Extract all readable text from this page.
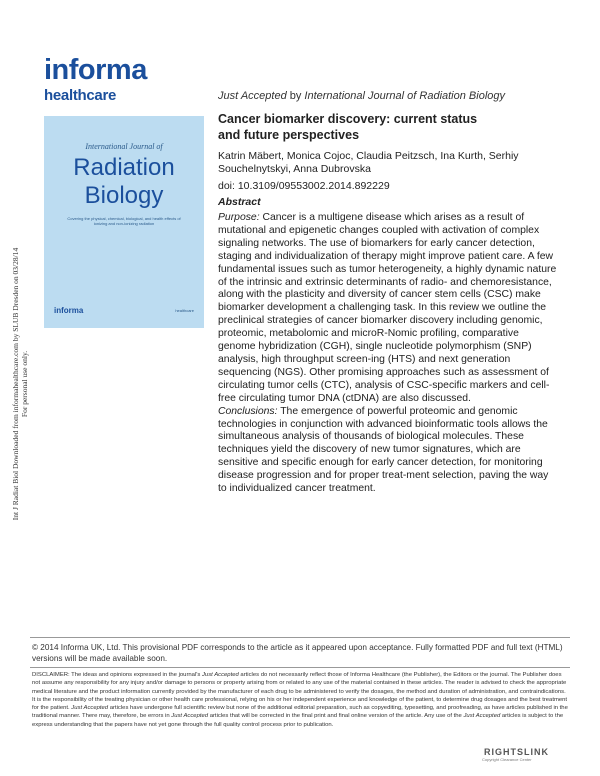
informa
healthcare
Int J Radiat Biol Downloaded from informahealthcare.com by SLUB Dresden on 03/28/14 For personal use only.
International Journal of
Radiation
Biology
Covering the physical, chemical, biological, and health effects of ionizing and non-ionizing radiation
informa	healthcare
Just Accepted by International Journal of Radiation Biology
Cancer biomarker discovery: current status
and future perspectives
Katrin Mäbert, Monica Cojoc, Claudia Peitzsch, Ina Kurth, Serhiy Souchelnytskyi, Anna Dubrovska
doi: 10.3109/09553002.2014.892229
Abstract

Purpose: Cancer is a multigene disease which arises as a result of mutational and epigenetic changes coupled with activation of complex signaling networks. The use of biomarkers for early cancer detection, staging and individualization of therapy might improve patient care. A few fundamental issues such as tumor heterogeneity, a highly dynamic nature of the intrinsic and extrinsic determinants of radio- and chemoresistance, along with the plasticity and diversity of cancer stem cells (CSC) make biomarker development a challenging task. In this review we outline the preclinical strategies of cancer biomarker discovery including genomic, proteomic, metabolomic and microR-Nomic profiling, comparative genome hybridization (CGH), single nucleotide polymorphism (SNP) analysis, high throughput screen-ing (HTS) and next generation sequencing (NGS). Other promising approaches such as assessment of circulating tumor cells (CTC), analysis of CSC-specific markers and cell-free circulating tumor DNA (ctDNA) are also discussed.

Conclusions: The emergence of powerful proteomic and genomic technologies in conjunction with advanced bioinformatic tools allows the simultaneous analysis of thousands of biological molecules. These techniques yield the discovery of new tumor signatures, which are sensitive and specific enough for early cancer detection, for monitoring disease progression and for proper treat-ment selection, paving the way to individualized cancer treatment.

© 2014 Informa UK, Ltd. This provisional PDF corresponds to the article as it appeared upon acceptance. Fully formatted PDF and full text (HTML) versions will be made available soon.
DISCLAIMER: The ideas and opinions expressed in the journal's Just Accepted articles do not necessarily reflect those of Informa Healthcare (the Publisher), the Editors or the journal. The Publisher does not assume any responsibility for any injury and/or damage to persons or property arising from or related to any use of the material contained in these articles. The reader is advised to check the appropriate medical literature and the product information currently provided by the manufacturer of each drug to be administered to verify the dosages, the method and duration of administration, and contraindications. It is the responsibility of the treating physician or other health care professional, relying on his or her independent experience and knowledge of the patient, to determine drug dosages and the best treatment for the patient. Just Accepted articles have undergone full scientific review but none of the additional editorial preparation, such as copyediting, typesetting, and proofreading, as have articles published in the traditional manner. There may, therefore, be errors in Just Accepted articles that will be corrected in the final print and final online version of the article. Any use of the Just Accepted articles is subject to the express understanding that the papers have not yet gone through the full quality control process prior to publication.
RIGHTSLINK
Copyright Clearance Center
